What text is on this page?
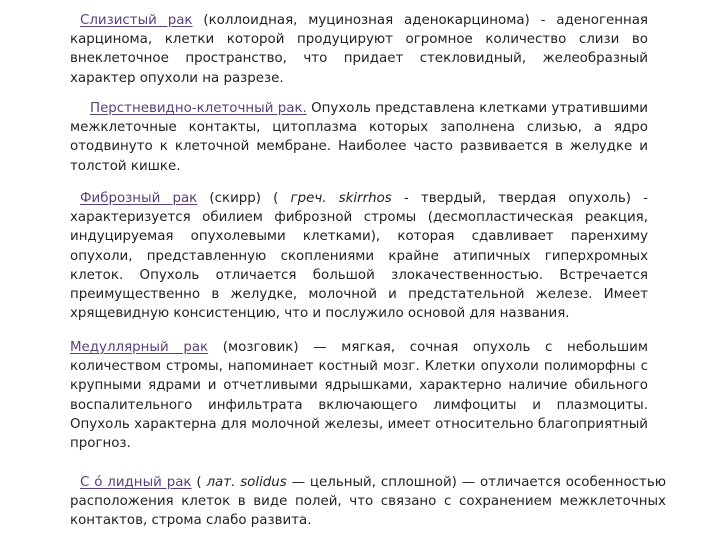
Слизистый рак (коллоидная, муцинозная аденокарцинома) - аденогенная карцинома, клетки которой продуцируют огромное количество слизи во внеклеточное пространство, что придает стекловидный, желеобразный характер опухоли на разрезе.

Перстневидно-клеточный рак. Опухоль представлена клетками утратившими межклеточные контакты, цитоплазма которых заполнена слизью, а ядро отодвинуто к клеточной мембране. Наиболее часто развивается в желудке и толстой кишке.

Фиброзный рак (скирр) ( греч. skirrhos - твердый, твердая опухоль) - характеризуется обилием фиброзной стромы (десмопластическая реакция, индуцируемая опухолевыми клетками), которая сдавливает паренхиму опухоли, представленную скоплениями крайне атипичных гиперхромных клеток. Опухоль отличается большой злокачественностью. Встречается преимущественно в желудке, молочной и предстательной железе. Имеет хрящевидную консистенцию, что и послужило основой для названия.

Медуллярный рак (мозговик) — мягкая, сочная опухоль с небольшим количеством стромы, напоминает костный мозг. Клетки опухоли полиморфны с крупными ядрами и отчетливыми ядрышками, характерно наличие обильного воспалительного инфильтрата включающего лимфоциты и плазмоциты. Опухоль характерна для молочной железы, имеет относительно благоприятный прогноз.

С о́ лидный рак ( лат. solidus — цельный, сплошной) — отличается особенностью расположения клеток в виде полей, что связано с сохранением межклеточных контактов, строма слабо развита.
